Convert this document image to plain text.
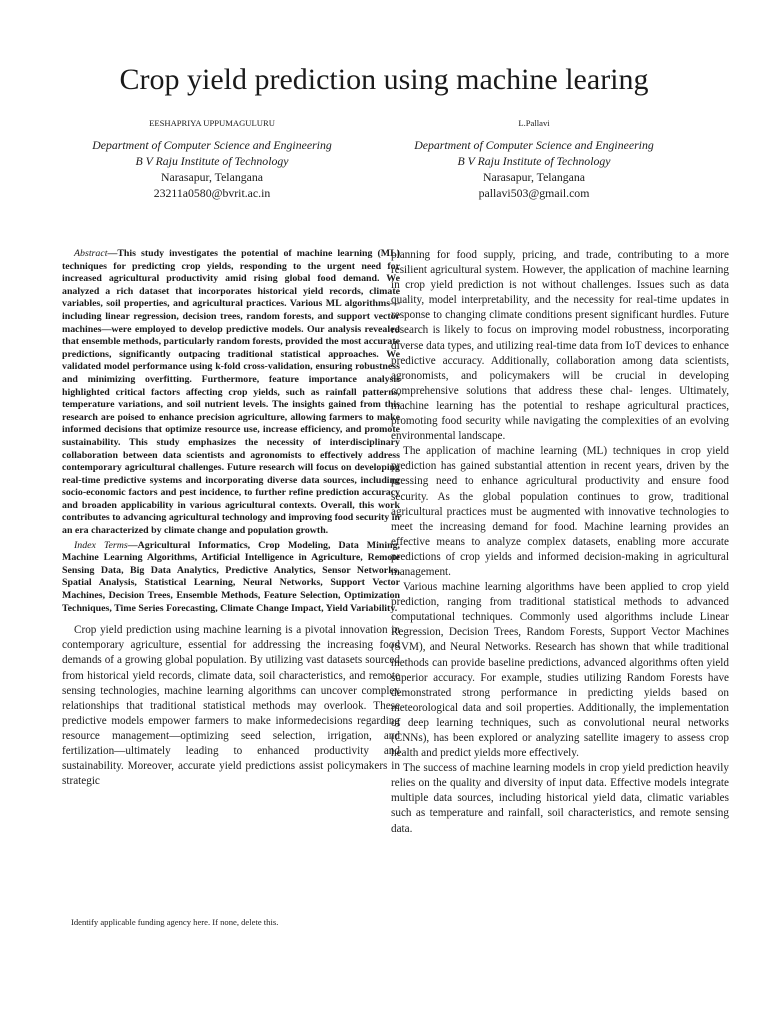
Crop yield prediction using machine learing
EESHAPRIYA UPPUMAGULURU
Department of Computer Science and Engineering
B V Raju Institute of Technology
Narasapur, Telangana
23211a0580@bvrit.ac.in
L.Pallavi
Department of Computer Science and Engineering
B V Raju Institute of Technology
Narasapur, Telangana
pallavi503@gmail.com

Abstract—This study investigates the potential of machine learning (ML) techniques for predicting crop yields, responding to the urgent need for increased agricultural productivity amid rising global food demand. We analyzed a rich dataset that incorporates historical yield records, climate variables, soil properties, and agricultural practices. Various ML algorithms—including linear regression, decision trees, random forests, and support vector machines—were employed to develop predictive models. Our analysis revealed that ensemble methods, particularly random forests, provided the most accurate predictions, significantly outpacing traditional statistical approaches. We validated model performance using k-fold cross-validation, ensuring robustness and minimizing overfitting. Furthermore, feature importance analysis highlighted critical factors affecting crop yields, such as rainfall patterns, temperature variations, and soil nutrient levels. The insights gained from this research are poised to enhance precision agriculture, allowing farmers to make informed decisions that optimize resource use, increase efficiency, and promote sustainability. This study emphasizes the necessity of interdisciplinary collaboration between data scientists and agronomists to effectively address contemporary agricultural challenges. Future research will focus on developing real-time predictive systems and incorporating diverse data sources, including socio-economic factors and pest incidence, to further refine prediction accuracy and broaden applicability in various agricultural contexts. Overall, this work contributes to advancing agricultural technology and improving food security in an era characterized by climate change and population growth.

Index Terms—Agricultural Informatics, Crop Modeling, Data Mining, Machine Learning Algorithms, Artificial Intelligence in Agriculture, Remote Sensing Data, Big Data Analytics, Predictive Analytics, Sensor Networks, Spatial Analysis, Statistical Learning, Neural Networks, Support Vector Machines, Decision Trees, Ensemble Methods, Feature Selection, Optimization Techniques, Time Series Forecasting, Climate Change Impact, Yield Variability.

Crop yield prediction using machine learning is a pivotal innovation in contemporary agriculture, essential for addressing the increasing food demands of a growing global population. By utilizing vast datasets sourced from historical yield records, climate data, soil characteristics, and remote sensing technologies, machine learning algorithms can uncover complex relationships that traditional statistical methods may overlook. These predictive models empower farmers to make informedecisions regarding resource management—optimizing seed selection, irrigation, and fertilization—ultimately leading to enhanced productivity and sustainability. Moreover, accurate yield predictions assist policymakers in strategic

planning for food supply, pricing, and trade, contributing to a more resilient agricultural system. However, the application of machine learning in crop yield prediction is not without challenges. Issues such as data quality, model interpretability, and the necessity for real-time updates in response to changing climate conditions present significant hurdles. Future research is likely to focus on improving model robustness, incorporating diverse data types, and utilizing real-time data from IoT devices to enhance predictive accuracy. Additionally, collaboration among data scientists, agronomists, and policymakers will be crucial in developing comprehensive solutions that address these chal- lenges. Ultimately, machine learning has the potential to reshape agricultural practices, promoting food security while navigating the complexities of an evolving environmental landscape.

The application of machine learning (ML) techniques in crop yield prediction has gained substantial attention in recent years, driven by the pressing need to enhance agricultural productivity and ensure food security. As the global population continues to grow, traditional agricultural practices must be augmented with innovative technologies to meet the increasing demand for food. Machine learning provides an effective means to analyze complex datasets, enabling more accurate predictions of crop yields and informed decision-making in agricultural management.

Various machine learning algorithms have been applied to crop yield prediction, ranging from traditional statistical methods to advanced computational techniques. Commonly used algorithms include Linear Regression, Decision Trees, Random Forests, Support Vector Machines (SVM), and Neural Networks. Research has shown that while traditional methods can provide baseline predictions, advanced algorithms often yield superior accuracy. For example, studies utilizing Random Forests have demonstrated strong performance in predicting yields based on meteorological data and soil properties. Additionally, the implementation of deep learning techniques, such as convolutional neural networks (CNNs), has been explored or analyzing satellite imagery to assess crop health and predict yields more effectively.

The success of machine learning models in crop yield prediction heavily relies on the quality and diversity of input data. Effective models integrate multiple data sources, including historical yield data, climatic variables such as temperature and rainfall, soil characteristics, and remote sensing data.

Identify applicable funding agency here. If none, delete this.
